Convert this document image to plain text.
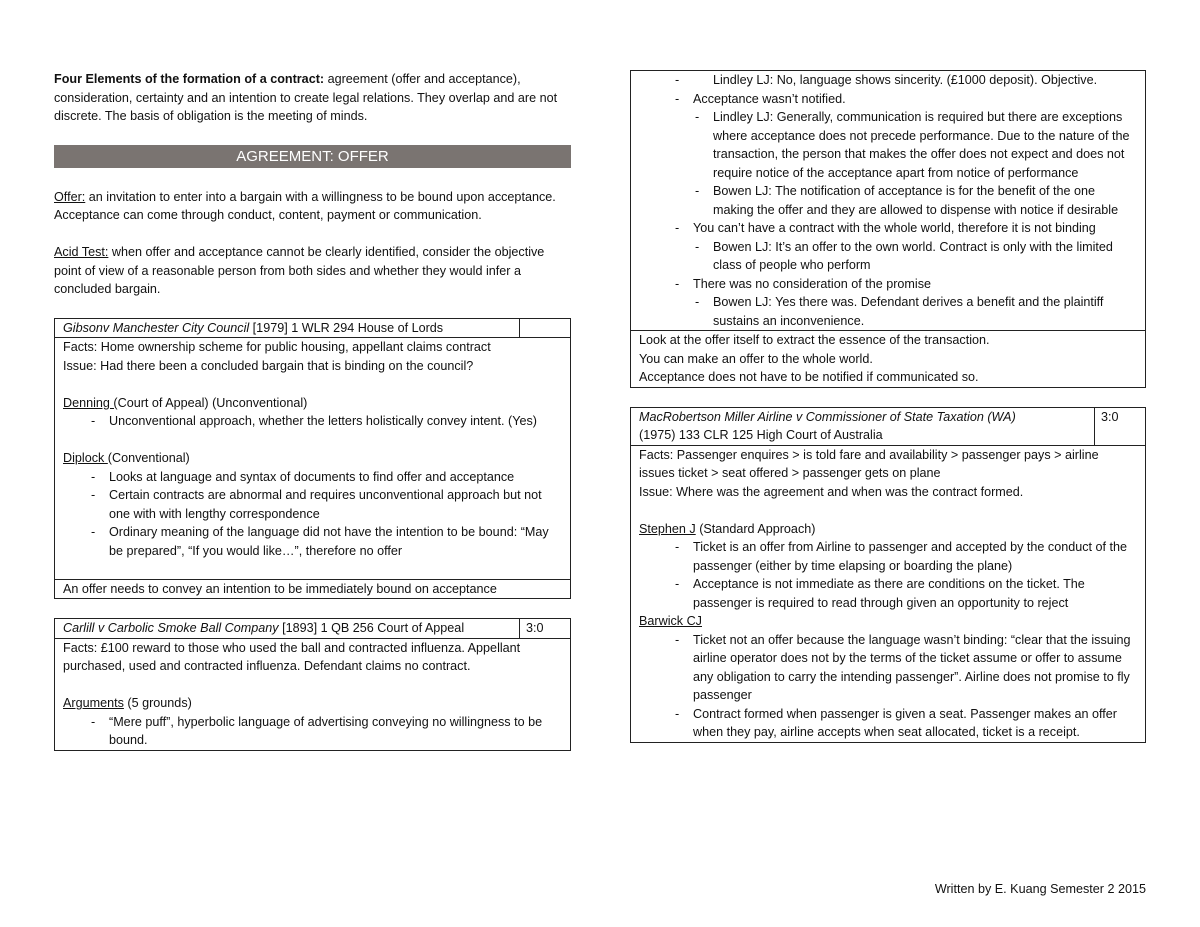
Four Elements of the formation of a contract: agreement (offer and acceptance), consideration, certainty and an intention to create legal relations. They overlap and are not discrete. The basis of obligation is the meeting of minds.

AGREEMENT: OFFER

Offer: an invitation to enter into a bargain with a willingness to be bound upon acceptance. Acceptance can come through conduct, content, payment or communication.

Acid Test: when offer and acceptance cannot be clearly identified, consider the objective point of view of a reasonable person from both sides and whether they would infer a concluded bargain.

Gibsonv Manchester City Council [1979] 1 WLR 294 House of Lords

Facts: Home ownership scheme for public housing, appellant claims contract

Issue: Had there been a concluded bargain that is binding on the council?

Denning (Court of Appeal) (Unconventional)

- Unconventional approach, whether the letters holistically convey intent. (Yes)

Diplock (Conventional)

- Looks at language and syntax of documents to find offer and acceptance
- Certain contracts are abnormal and requires unconventional approach but not one with with lengthy correspondence
- Ordinary meaning of the language did not have the intention to be bound: “May be prepared”, “If you would like…”, therefore no offer
An offer needs to convey an intention to be immediately bound on acceptance
Carlill v Carbolic Smoke Ball Company [1893] 1 QB 256 Court of Appeal	3:0

Facts: £100 reward to those who used the ball and contracted influenza. Appellant purchased, used and contracted influenza. Defendant claims no contract.

Arguments (5 grounds)

- “Mere puff”, hyperbolic language of advertising conveying no willingness to be bound.
- Lindley LJ: No, language shows sincerity. (£1000 deposit). Objective.
- Acceptance wasn’t notified.
- Lindley LJ: Generally, communication is required but there are exceptions where acceptance does not precede performance. Due to the nature of the transaction, the person that makes the offer does not expect and does not require notice of the acceptance apart from notice of performance
- Bowen LJ: The notification of acceptance is for the benefit of the one making the offer and they are allowed to dispense with notice if desirable
- You can’t have a contract with the whole world, therefore it is not binding
- Bowen LJ: It’s an offer to the own world. Contract is only with the limited class of people who perform
- There was no consideration of the promise
- Bowen LJ: Yes there was. Defendant derives a benefit and the plaintiff sustains an inconvenience.

Look at the offer itself to extract the essence of the transaction.

You can make an offer to the whole world.

Acceptance does not have to be notified if communicated so.

MacRobertson Miller Airline v Commissioner of State Taxation (WA)

(1975) 133 CLR 125 High Court of Australia

3:0

Facts: Passenger enquires > is told fare and availability > passenger pays > airline issues ticket > seat offered > passenger gets on plane

Issue: Where was the agreement and when was the contract formed.

Stephen J (Standard Approach)

- Ticket is an offer from Airline to passenger and accepted by the conduct of the passenger (either by time elapsing or boarding the plane)
- Acceptance is not immediate as there are conditions on the ticket. The passenger is required to read through given an opportunity to reject

Barwick CJ

- Ticket not an offer because the language wasn’t binding: “clear that the issuing airline operator does not by the terms of the ticket assume or offer to assume any obligation to carry the intending passenger”. Airline does not promise to fly passenger
- Contract formed when passenger is given a seat. Passenger makes an offer when they pay, airline accepts when seat allocated, ticket is a receipt.
Written by E. Kuang Semester 2 2015
